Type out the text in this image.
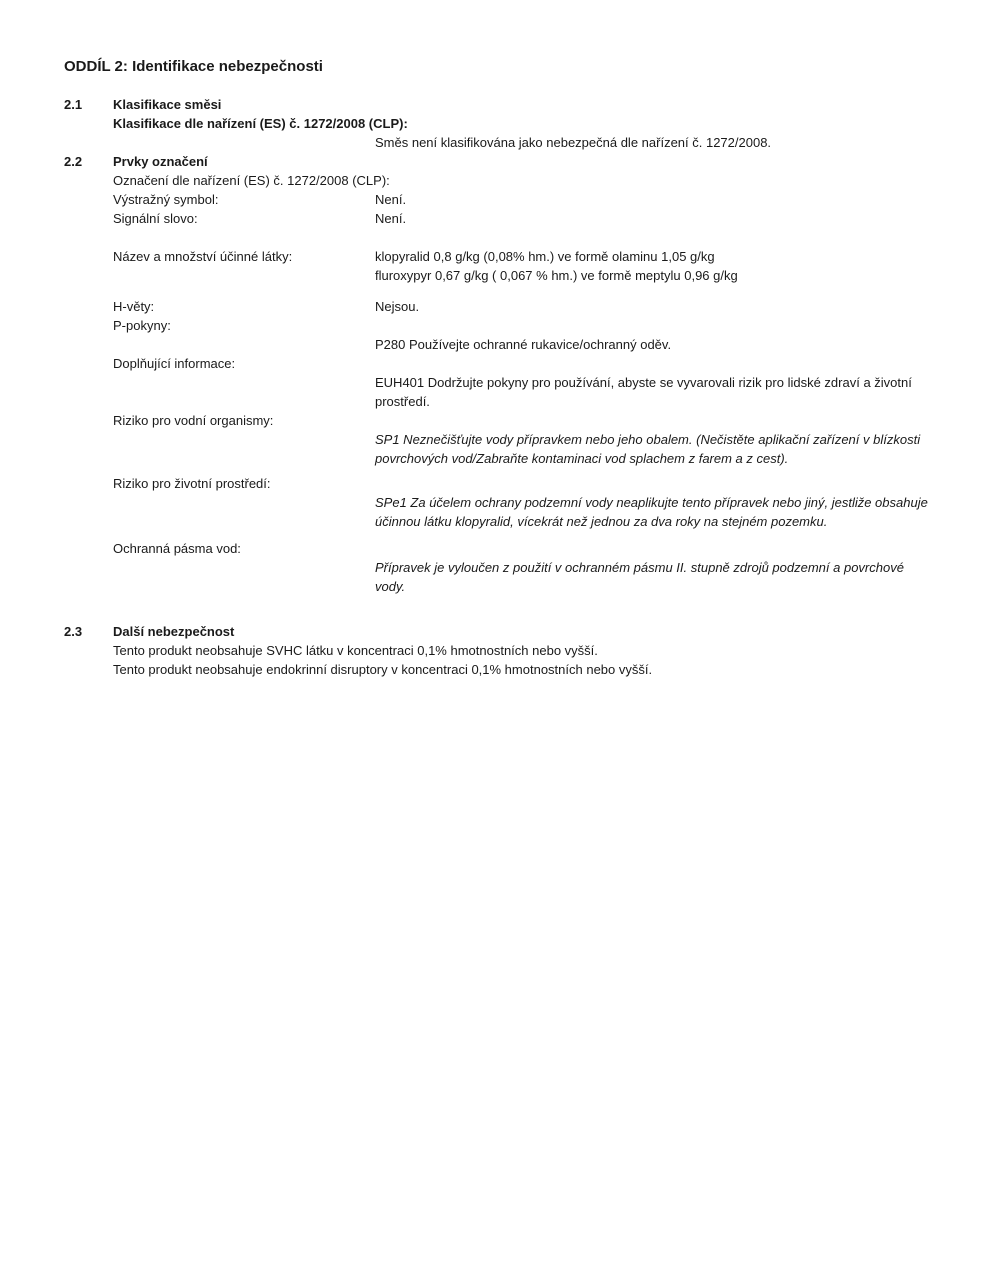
ODDÍL 2: Identifikace nebezpečnosti
2.1	Klasifikace směsi
Klasifikace dle nařízení (ES) č. 1272/2008 (CLP):
Směs není klasifikována jako nebezpečná dle nařízení č. 1272/2008.
2.2	Prvky označení
Označení dle nařízení (ES) č. 1272/2008 (CLP):
Výstražný symbol:	Není.
Signální slovo:	Není.
Název a množství účinné látky:	klopyralid 0,8 g/kg (0,08% hm.) ve formě olaminu 1,05 g/kg
fluroxypyr 0,67 g/kg ( 0,067 % hm.) ve formě meptylu 0,96 g/kg
H-věty:	Nejsou.
P-pokyny:
P280 Používejte ochranné rukavice/ochranný oděv.
Doplňující informace:
EUH401 Dodržujte pokyny pro používání, abyste se vyvarovali rizik pro lidské zdraví a životní
prostředí.
Riziko pro vodní organismy:
SP1 Neznečišťujte vody přípravkem nebo jeho obalem. (Nečistěte aplikační zařízení v blízkosti
povrchových vod/Zabraňte kontaminaci vod splachem z farem a z cest).
Riziko pro životní prostředí:
SPe1 Za účelem ochrany podzemní vody neaplikujte tento přípravek nebo jiný, jestliže obsahuje
účinnou látku klopyralid, vícekrát než jednou za dva roky na stejném pozemku.
Ochranná pásma vod:
Přípravek je vyloučen z použití v ochranném pásmu II. stupně zdrojů podzemní a povrchové
vody.
2.3	Další nebezpečnost
Tento produkt neobsahuje SVHC látku v koncentraci 0,1% hmotnostních nebo vyšší.
Tento produkt neobsahuje endokrinní disruptory v koncentraci 0,1% hmotnostních nebo vyšší.
